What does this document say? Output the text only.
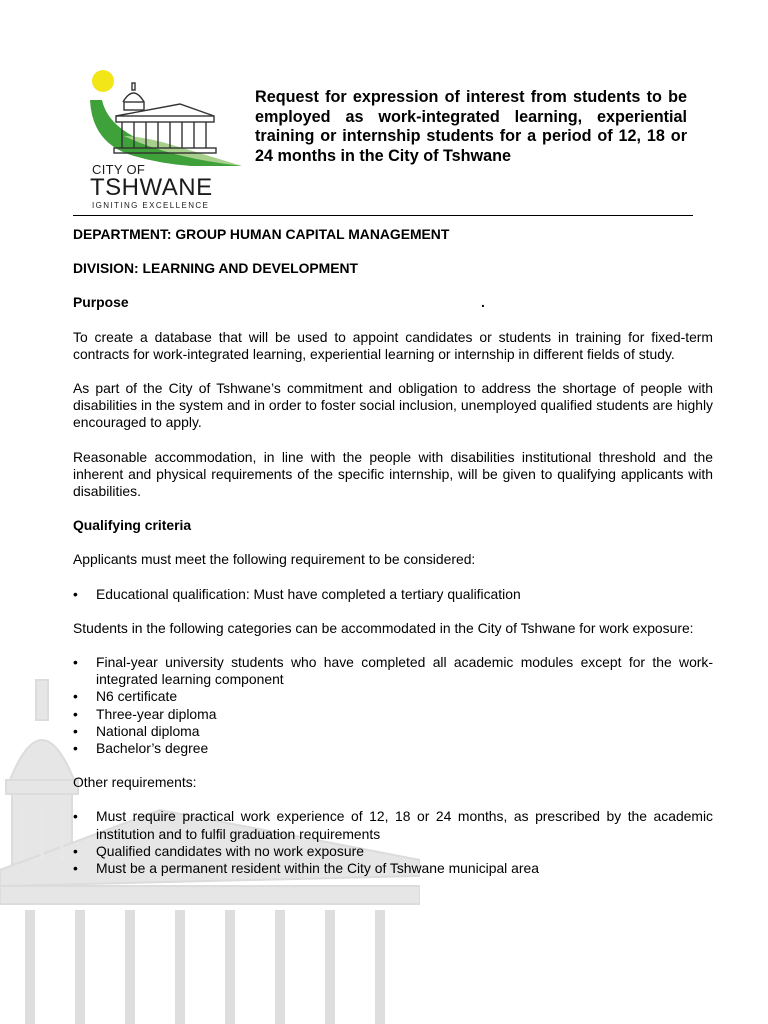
CITY OF
TSHWANE
IGNITING EXCELLENCE
Request for expression of interest from students to be employed as work-integrated learning, experiential training or internship students for a period of 12, 18 or 24 months in the City of Tshwane

DEPARTMENT: GROUP HUMAN CAPITAL MANAGEMENT

DIVISION: LEARNING AND DEVELOPMENT

Purpose	.

To create a database that will be used to appoint candidates or students in training for fixed-term contracts for work-integrated learning, experiential learning or internship in different fields of study.

As part of the City of Tshwane’s commitment and obligation to address the shortage of people with disabilities in the system and in order to foster social inclusion, unemployed qualified students are highly encouraged to apply.

Reasonable accommodation, in line with the people with disabilities institutional threshold and the inherent and physical requirements of the specific internship, will be given to qualifying applicants with disabilities.

Qualifying criteria

Applicants must meet the following requirement to be considered:

• Educational qualification: Must have completed a tertiary qualification

Students in the following categories can be accommodated in the City of Tshwane for work exposure:

• Final-year university students who have completed all academic modules except for the work-integrated learning component
• N6 certificate
• Three-year diploma
• National diploma
• Bachelor’s degree

Other requirements:

• Must require practical work experience of 12, 18 or 24 months, as prescribed by the academic institution and to fulfil graduation requirements
• Qualified candidates with no work exposure
• Must be a permanent resident within the City of Tshwane municipal area
